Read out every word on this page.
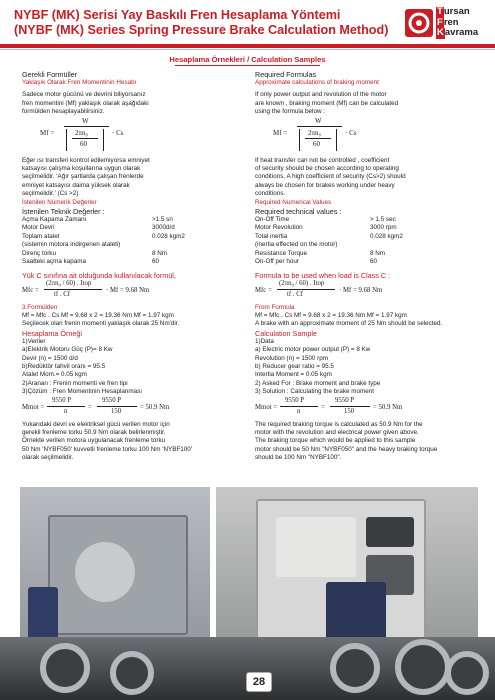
NYBF (MK) Serisi Yay Baskılı Fren Hesaplama Yöntemi
(NYBF (MK) Series Spring Pressure Brake Calculation Method)
Tursan
Fren
Kavrama
Hesaplama Örnekleri / Calculation Samples
Gerekli Formüller
Yaklaşık Olarak Fren Momentinin Hesabı
Sadece motor gücünü ve devrini biliyorsanız
fren momentini (Mf) yaklaşık olarak aşağıdaki
formülden hesaplayabilirsiniz.
Mf =
W
2πn₀
60
· Cs
Eğer ısı transferi kontrol edilemiyorsa emniyet
katsayısı çalışma koşullarına uygun olarak
seçilmelidir. 'Ağır şartlarda çalışan frenlerde
emniyet katsayısı daima yüksek olarak
seçilmelidir.' (Cs >2)
İstenilen Nümerik Değerler
İstenilen Teknik Değerler :
Açma Kapama Zamanı	>1.5 sn
Motor Devri	3000d/d
Toplam atalet	0.028 kgm2
(sistemin motora indirgenen ataleti)
Direnç torku	8 Nm
Saatteki açma kapama	60
Yük C sınıfına ait olduğunda kullanılacak formül,
Mfc =
(2πn₀ / 60) . Itop
tf . Cf
· Mf = 9.68 Nm
3.Formülden
Mf = Mfc . Cs Mf = 9.68 x 2 = 19.36 Nm Mf = 1.97 kgm
Seçilecek olan frenin momenti yaklaşık olarak 25 Nm'dir.
Hesaplama Örneği
1)Veriler
a)Elektrik Motoru Güç (P)= 8 Kw
Devir (n) = 1500 d/d
b)Redüktör tahvil oranı = 95.5
Atalet Mom.= 0.05 kgm
2)Aranan : Frenin momenti ve fren tipi
3)Çözüm : Fren Momentinin Hesaplanması
Mmot =
9550 P
n
=
9550 P
150
= 50.9 Nm
Yukarıdaki devri ve elektriksel gücü verilen motor için
gerekli frenleme torku 50.9 Nm olarak belirlenmiştir.
Örnekte verilen motora uygulanacak frenleme torku
50 Nm 'NYBF050' kuvvetli frenleme torku 100 Nm 'NYBF100'
olarak seçilmelidir.
Required Formulas
Approximate calculations of braking moment
If only power output and revolution of the motor
are known , braking moment (Mf) can be calculated
using the formula below :
Mf =
W
2πn₀
60
· Cs
If heat transfer can not be controlled , coefficient
of security should be chosen according to operating
conditions. A high coefficient of security (Cs>2) should
always be chosen for brakes working under heavy
conditions.
Required Numerical Values
Required technical values :
On-Off Time	> 1.5 sec
Motor Revolution	3000 rpm
Total inertia	0.028 kgm2
(inertia effected on the motor)
Resistance Torque	8 Nm
On-Off per hour	60
Formula to be used when load is Class C :
Mfc =
(2πn₀ / 60) . Itop
tf . Cf
· Mf = 9.68 Nm
From Formula
Mf = Mfc . Cs Mf = 9.68 x 2 = 19.36 Nm Mf = 1.97 kgm
A brake with an approximate moment of 25 Nm should be selected.
Calculation Sample
1)Data
a) Electric motor power output (P) = 8 Kw
Revolution (n) = 1500 rpm
b) Reducer gear ratio = 95.5
Intertia Moment = 0.05 kgm
2) Asked For : Brake moment and brake type
3) Solution : Calculating the brake moment
Mmot =
9550 P
n
=
9550 P
150
= 50.9 Nm
The required braking torque is calculated as 50.9 Nm for the
motor with the revolution and electrical power given above.
The braking torque which would be applied to this sample
motor should be 50 Nm "NYBF050" and the heavy braking torque
should be 100 Nm "NYBF100".
28
